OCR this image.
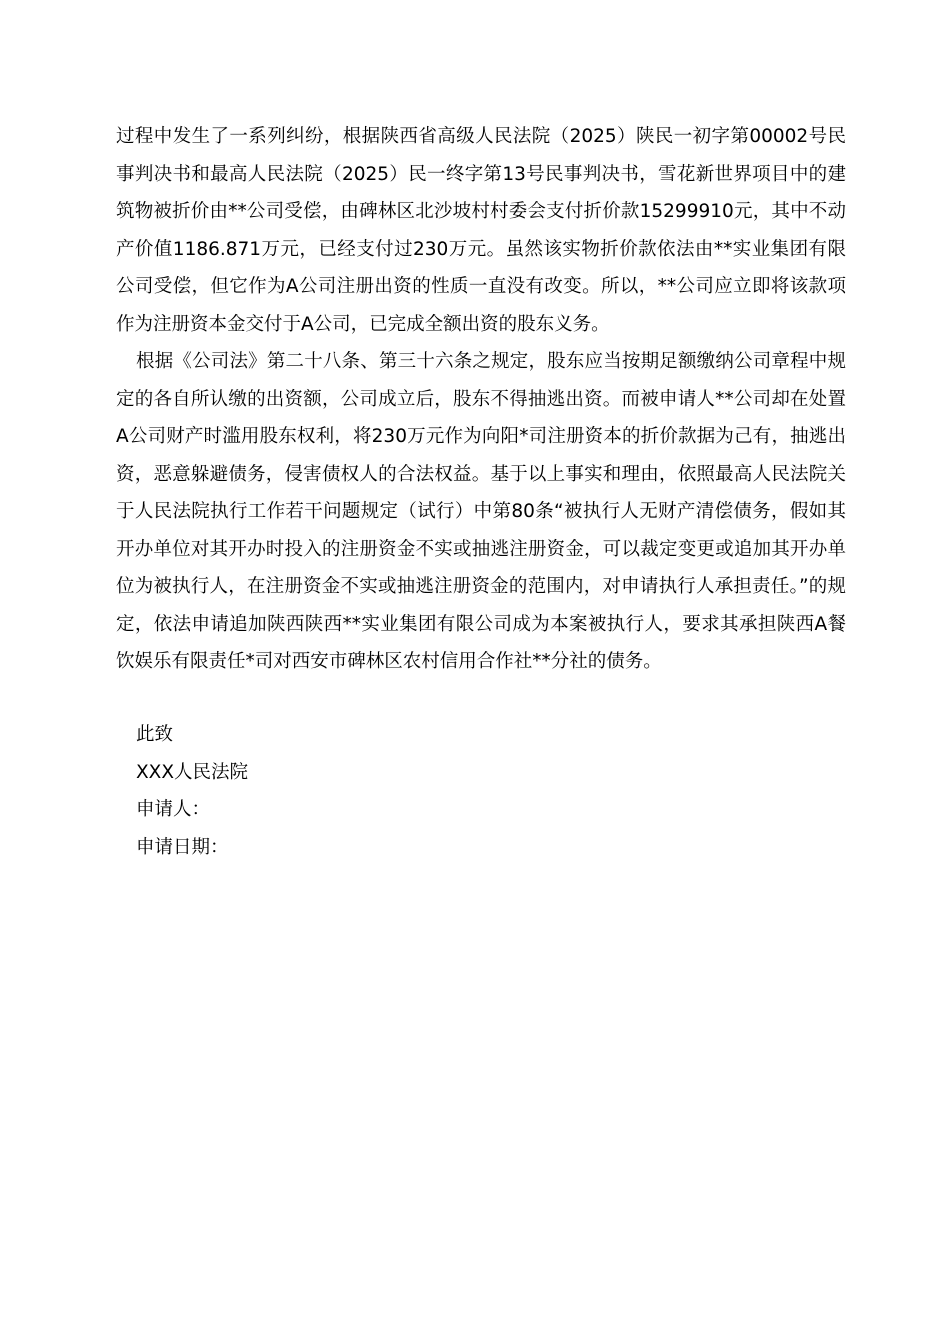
过程中发生了一系列纠纷，根据陕西省高级人民法院（2025）陕民一初字第00002号民事判决书和最高人民法院（2025）民一终字第13号民事判决书，雪花新世界项目中的建筑物被折价由**公司受偿，由碑林区北沙坡村村委会支付折价款15299910元，其中不动产价值1186.871万元，已经支付过230万元。虽然该实物折价款依法由**实业集团有限公司受偿，但它作为A公司注册出资的性质一直没有改变。所以，**公司应立即将该款项作为注册资本金交付于A公司，已完成全额出资的股东义务。

根据《公司法》第二十八条、第三十六条之规定，股东应当按期足额缴纳公司章程中规定的各自所认缴的出资额，公司成立后，股东不得抽逃出资。而被申请人**公司却在处置A公司财产时滥用股东权利，将230万元作为向阳*司注册资本的折价款据为己有，抽逃出资，恶意躲避债务，侵害债权人的合法权益。基于以上事实和理由，依照最高人民法院关于人民法院执行工作若干问题规定（试行）中第80条“被执行人无财产清偿债务，假如其开办单位对其开办时投入的注册资金不实或抽逃注册资金，可以裁定变更或追加其开办单位为被执行人，在注册资金不实或抽逃注册资金的范围内，对申请执行人承担责任。”的规定，依法申请追加陕西陕西**实业集团有限公司成为本案被执行人，要求其承担陕西A餐饮娱乐有限责任*司对西安市碑林区农村信用合作社**分社的债务。

此致

XXX人民法院

申请人：

申请日期：
